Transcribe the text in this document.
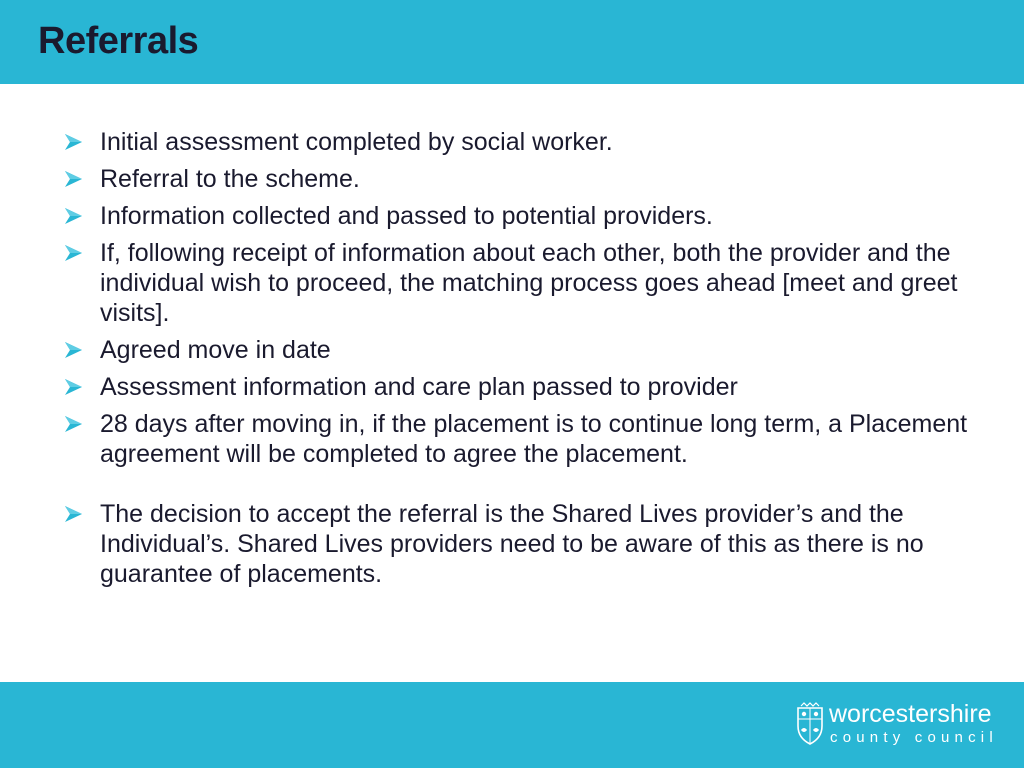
Referrals
Initial assessment completed by social worker.
Referral to the scheme.
Information collected and passed to potential providers.
If, following receipt of information about each other, both the provider and the individual wish to proceed, the matching process goes ahead [meet and greet visits].
Agreed move in date
Assessment information and care plan passed to provider
28 days after moving in, if the placement is to continue long term, a Placement agreement will be completed to agree the placement.
The decision to accept the referral is the Shared Lives provider’s and the Individual’s. Shared Lives providers need to be aware of this as there is no guarantee of placements.
worcestershire
county council
